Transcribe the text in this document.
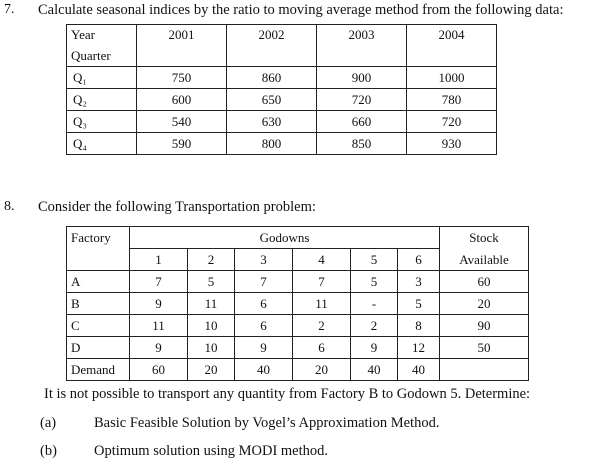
7. Calculate seasonal indices by the ratio to moving average method from the following data:
Year	2001	2002	2003	2004
Quarter				
Q₁	750	860	900	1000
Q₂	600	650	720	780
Q₃	540	630	660	720
Q₄	590	800	850	930
8. Consider the following Transportation problem:
Factory	Godowns						Stock
	1	2	3	4	5	6	Available
A	7	5	7	7	5	3	60
B	9	11	6	11	-	5	20
C	11	10	6	2	2	8	90
D	9	10	9	6	9	12	50
Demand	60	20	40	20	40	40	
It is not possible to transport any quantity from Factory B to Godown 5. Determine:
(a)	Basic Feasible Solution by Vogel’s Approximation Method.
(b)	Optimum solution using MODI method.
